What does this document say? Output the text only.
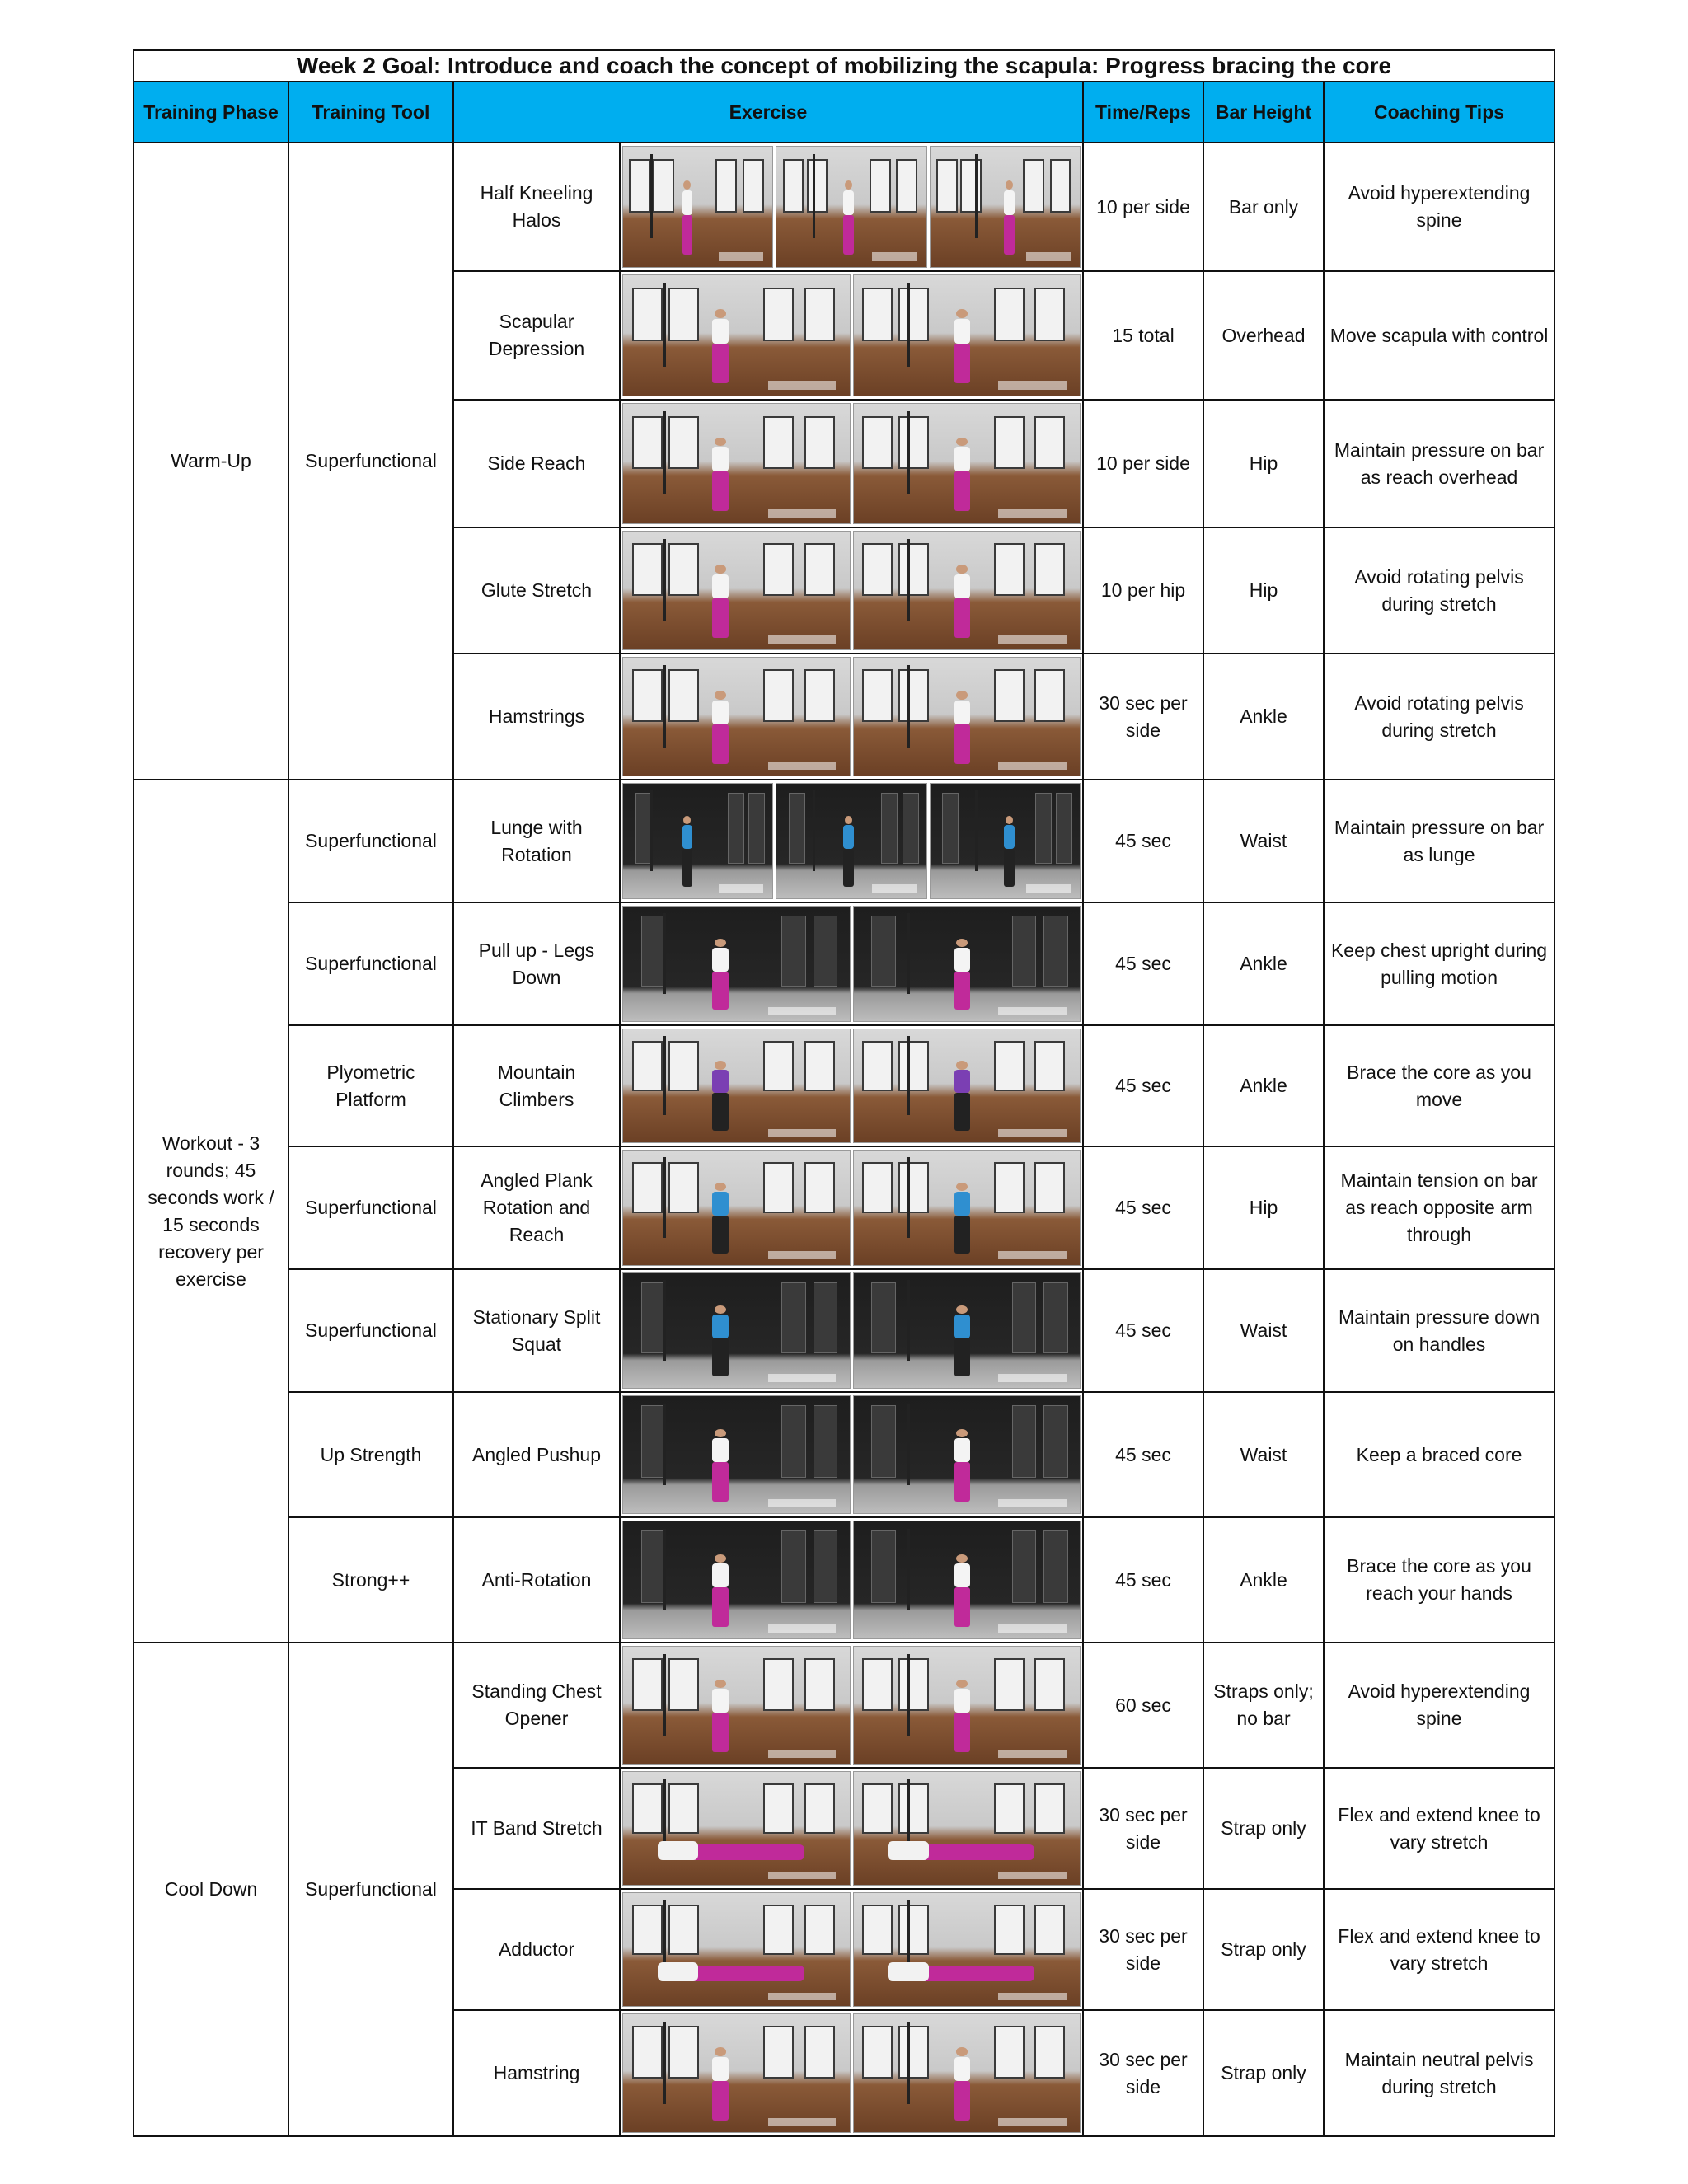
Week 2 Goal: Introduce and coach the concept of mobilizing the scapula: Progress bracing the core						
Training Phase	Training Tool	Exercise		Time/Reps	Bar Height	Coaching Tips
Warm-Up	Superfunctional	Half Kneeling Halos		10 per side	Bar only	Avoid hyperextending spine
		Scapular Depression		15 total	Overhead	Move scapula with control
		Side Reach		10 per side	Hip	Maintain pressure on bar as reach overhead
		Glute Stretch		10 per hip	Hip	Avoid rotating pelvis during stretch
		Hamstrings		30 sec per side	Ankle	Avoid rotating pelvis during stretch
Workout - 3 rounds; 45 seconds work / 15 seconds recovery per exercise	Superfunctional	Lunge with Rotation		45 sec	Waist	Maintain pressure on bar as lunge
	Superfunctional	Pull up - Legs Down		45 sec	Ankle	Keep chest upright during pulling motion
	Plyometric Platform	Mountain Climbers		45 sec	Ankle	Brace the core as you move
	Superfunctional	Angled Plank Rotation and Reach		45 sec	Hip	Maintain tension on bar as reach opposite arm through
	Superfunctional	Stationary Split Squat		45 sec	Waist	Maintain pressure down on handles
	Up Strength	Angled Pushup		45 sec	Waist	Keep a braced core
	Strong++	Anti-Rotation		45 sec	Ankle	Brace the core as you reach your hands
Cool Down	Superfunctional	Standing Chest Opener		60 sec	Straps only; no bar	Avoid hyperextending spine
		IT Band Stretch		30 sec per side	Strap only	Flex and extend knee to vary stretch
		Adductor		30 sec per side	Strap only	Flex and extend knee to vary stretch
		Hamstring		30 sec per side	Strap only	Maintain neutral pelvis during stretch
